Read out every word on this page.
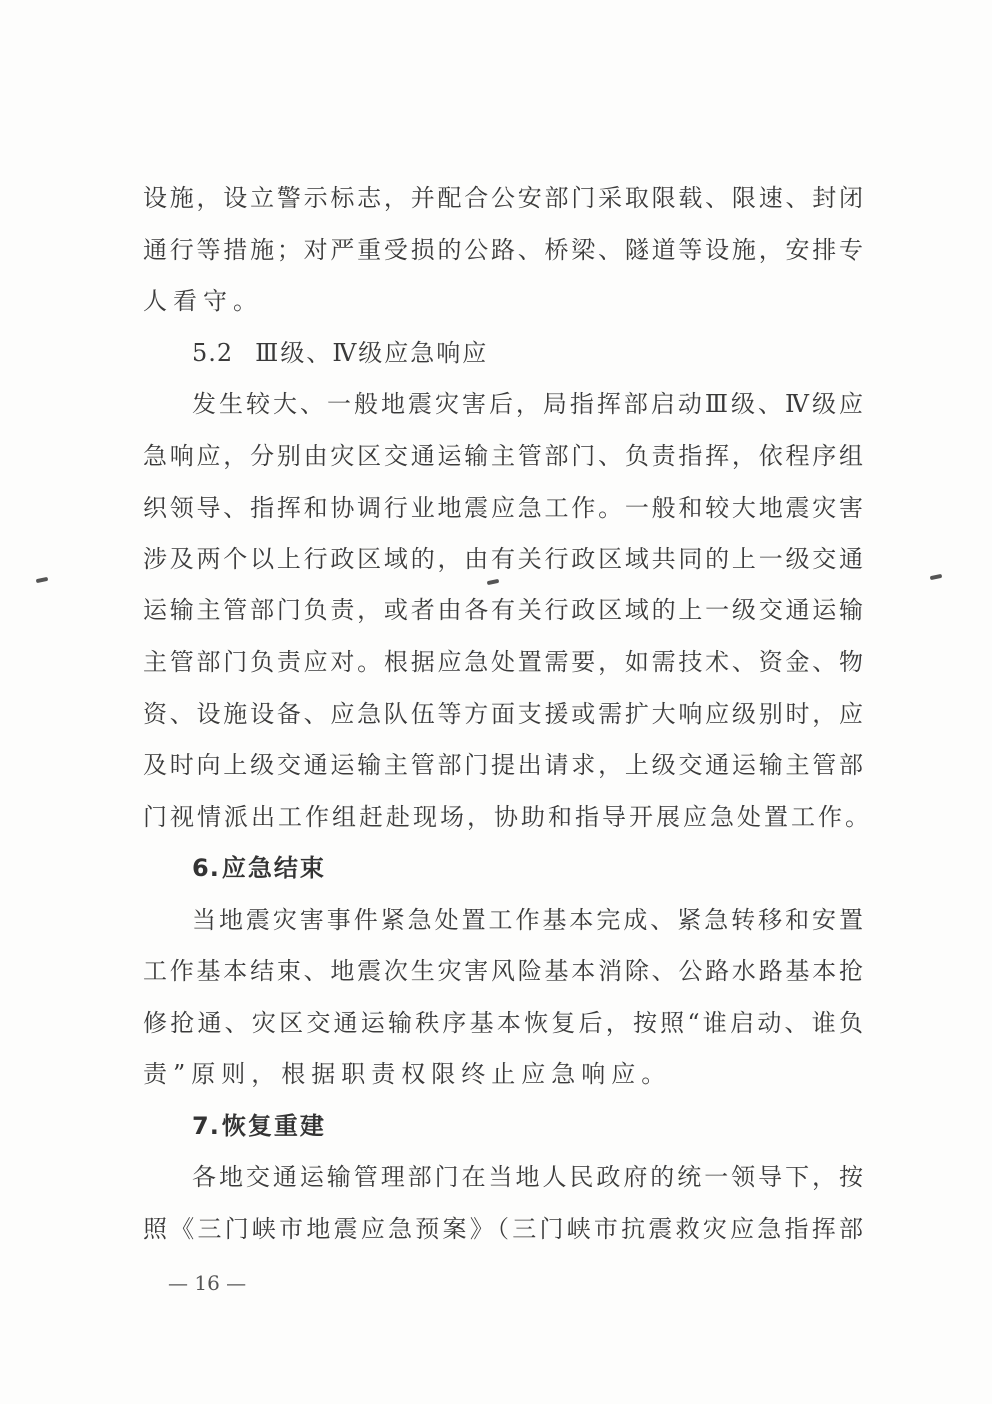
设施，设立警示标志，并配合公安部门采取限载、限速、封闭
通行等措施；对严重受损的公路、桥梁、隧道等设施，安排专
人看守。
5.2 Ⅲ级、Ⅳ级应急响应
发生较大、一般地震灾害后，局指挥部启动Ⅲ级、Ⅳ级应
急响应，分别由灾区交通运输主管部门、负责指挥，依程序组
织领导、指挥和协调行业地震应急工作。一般和较大地震灾害
涉及两个以上行政区域的，由有关行政区域共同的上一级交通
运输主管部门负责，或者由各有关行政区域的上一级交通运输
主管部门负责应对。根据应急处置需要，如需技术、资金、物
资、设施设备、应急队伍等方面支援或需扩大响应级别时，应
及时向上级交通运输主管部门提出请求，上级交通运输主管部
门视情派出工作组赶赴现场，协助和指导开展应急处置工作。
6.应急结束
当地震灾害事件紧急处置工作基本完成、紧急转移和安置
工作基本结束、地震次生灾害风险基本消除、公路水路基本抢
修抢通、灾区交通运输秩序基本恢复后，按照“谁启动、谁负
责”原则，根据职责权限终止应急响应。
7.恢复重建
各地交通运输管理部门在当地人民政府的统一领导下，按
照《三门峡市地震应急预案》（三门峡市抗震救灾应急指挥部
— 16 —
